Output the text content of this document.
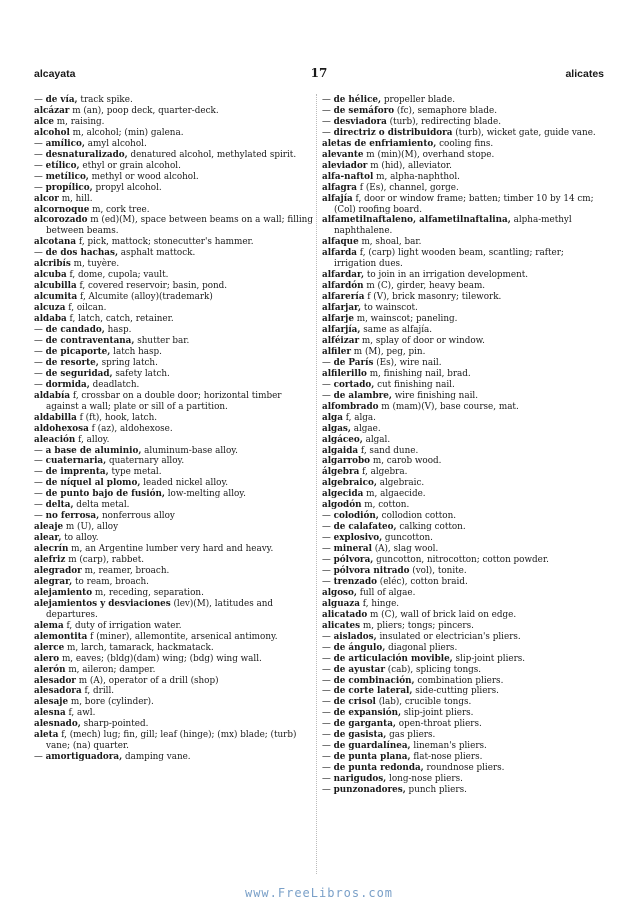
alcayata	17	alicates
— de vía, track spike.
alcázar m (an), poop deck, quarter-deck.
alce m, raising.
alcohol m, alcohol; (min) galena.
— amílico, amyl alcohol.
— desnaturalizado, denatured alcohol, methylated spirit.
— etílico, ethyl or grain alcohol.
— metílico, methyl or wood alcohol.
— propílico, propyl alcohol.
alcor m, hill.
alcornoque m, cork tree.
alcorozado m (ed)(M), space between beams on a wall; filling between beams.
alcotana f, pick, mattock; stonecutter's hammer.
— de dos hachas, asphalt mattock.
alcribís m, tuyère.
alcuba f, dome, cupola; vault.
alcubilla f, covered reservoir; basin, pond.
alcumita f, Alcumite (alloy)(trademark)
alcuza f, oilcan.
aldaba f, latch, catch, retainer.
— de candado, hasp.
— de contraventana, shutter bar.
— de picaporte, latch hasp.
— de resorte, spring latch.
— de seguridad, safety latch.
— dormida, deadlatch.
aldabía f, crossbar on a double door; horizontal timber against a wall; plate or sill of a partition.
aldabilla f (ft), hook, latch.
aldohexosa f (az), aldohexose.
aleación f, alloy.
— a base de aluminio, aluminum-base alloy.
— cuaternaria, quaternary alloy.
— de imprenta, type metal.
— de níquel al plomo, leaded nickel alloy.
— de punto bajo de fusión, low-melting alloy.
— delta, delta metal.
— no ferrosa, nonferrous alloy
aleaje m (U), alloy
alear, to alloy.
alecrín m, an Argentine lumber very hard and heavy.
alefriz m (carp), rabbet.
alegrador m, reamer, broach.
alegrar, to ream, broach.
alejamiento m, receding, separation.
alejamientos y desviaciones (lev)(M), latitudes and departures.
alema f, duty of irrigation water.
alemontita f (miner), allemontite, arsenical antimony.
alerce m, larch, tamarack, hackmatack.
alero m, eaves; (bldg)(dam) wing; (bdg) wing wall.
alerón m, aileron; damper.
alesador m (A), operator of a drill (shop)
alesadora f, drill.
alesaje m, bore (cylinder).
alesna f, awl.
alesnado, sharp-pointed.
aleta f, (mech) lug; fin, gill; leaf (hinge); (mx) blade; (turb) vane; (na) quarter.
— amortiguadora, damping vane.
— de hélice, propeller blade.
— de semáforo (fc), semaphore blade.
— desviadora (turb), redirecting blade.
— directriz o distribuidora (turb), wicket gate, guide vane.
aletas de enfriamiento, cooling fins.
alevante m (min)(M), overhand stope.
aleviador m (hid), alleviator.
alfa-naftol m, alpha-naphthol.
alfagra f (Es), channel, gorge.
alfajía f, door or window frame; batten; timber 10 by 14 cm; (Col) roofing board.
alfametilnaftaleno, alfametilnaftalina, alpha-methyl naphthalene.
alfaque m, shoal, bar.
alfarda f, (carp) light wooden beam, scantling; rafter; irrigation dues.
alfardar, to join in an irrigation development.
alfardón m (C), girder, heavy beam.
alfarería f (V), brick masonry; tilework.
alfarjar, to wainscot.
alfarje m, wainscot; paneling.
alfarjía, same as alfajía.
alféizar m, splay of door or window.
alfiler m (M), peg, pin.
— de París (Es), wire nail.
alfilerillo m, finishing nail, brad.
— cortado, cut finishing nail.
— de alambre, wire finishing nail.
alfombrado m (mam)(V), base course, mat.
alga f, alga.
algas, algae.
algáceo, algal.
algaida f, sand dune.
algarrobo m, carob wood.
álgebra f, algebra.
algebraico, algebraic.
algecida m, algaecide.
algodón m, cotton.
— colodión, collodion cotton.
— de calafateo, calking cotton.
— explosivo, guncotton.
— mineral (A), slag wool.
— pólvora, guncotton, nitrocotton; cotton powder.
— pólvora nitrado (vol), tonite.
— trenzado (eléc), cotton braid.
algoso, full of algae.
alguaza f, hinge.
alicatado m (C), wall of brick laid on edge.
alicates m, pliers; tongs; pincers.
— aislados, insulated or electrician's pliers.
— de ángulo, diagonal pliers.
— de articulación movible, slip-joint pliers.
— de ayustar (cab), splicing tongs.
— de combinación, combination pliers.
— de corte lateral, side-cutting pliers.
— de crisol (lab), crucible tongs.
— de expansión, slip-joint pliers.
— de garganta, open-throat pliers.
— de gasista, gas pliers.
— de guardalínea, lineman's pliers.
— de punta plana, flat-nose pliers.
— de punta redonda, roundnose pliers.
— narigudos, long-nose pliers.
— punzonadores, punch pliers.
www.FreeLibros.com
